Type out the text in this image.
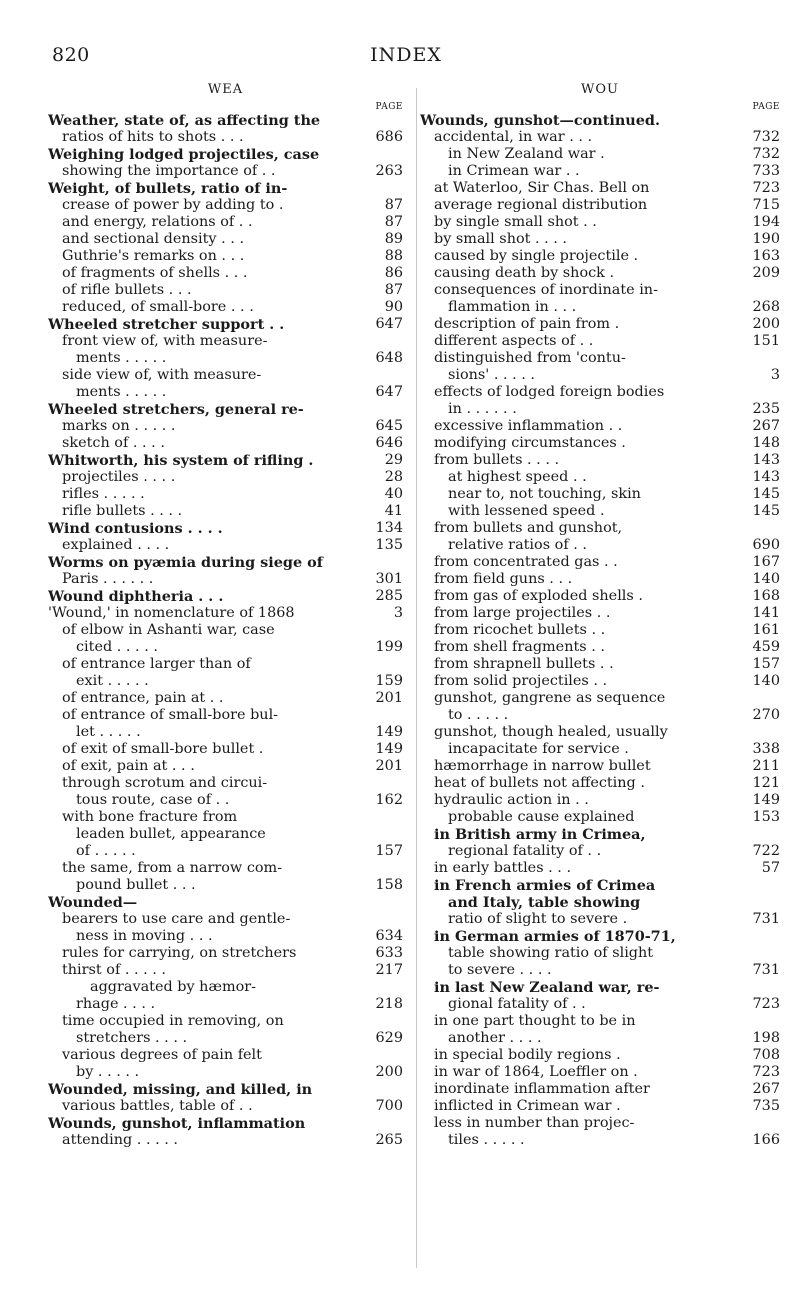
820	INDEX
WEA
PAGE
Weather, state of, as affecting the
ratios of hits to shots . . .	686
Weighing lodged projectiles, case
showing the importance of . .	263
Weight, of bullets, ratio of in-
crease of power by adding to .	87
and energy, relations of . .	87
and sectional density . . .	89
Guthrie's remarks on . . .	88
of fragments of shells . . .	86
of rifle bullets . . .	87
reduced, of small-bore . . .	90
Wheeled stretcher support . .	647
front view of, with measure-
ments . . . . .	648
side view of, with measure-
ments . . . . .	647
Wheeled stretchers, general re-
marks on . . . . .	645
sketch of . . . .	646
Whitworth, his system of rifling .	29
projectiles . . . .	28
rifles . . . . .	40
rifle bullets . . . .	41
Wind contusions . . . .	134
explained . . . .	135
Worms on pyæmia during siege of
Paris . . . . . .	301
Wound diphtheria . . .	285
'Wound,' in nomenclature of 1868	3
of elbow in Ashanti war, case
cited . . . . .	199
of entrance larger than of
exit . . . . .	159
of entrance, pain at . .	201
of entrance of small-bore bul-
let . . . . .	149
of exit of small-bore bullet .	149
of exit, pain at . . .	201
through scrotum and circui-
tous route, case of . .	162
with bone fracture from
leaden bullet, appearance
of . . . . .	157
the same, from a narrow com-
pound bullet . . .	158
Wounded—
bearers to use care and gentle-
ness in moving . . .	634
rules for carrying, on stretchers	633
thirst of . . . . .	217
aggravated by hæmor-
rhage . . . .	218
time occupied in removing, on
stretchers . . . .	629
various degrees of pain felt
by . . . . .	200
Wounded, missing, and killed, in
various battles, table of . .	700
Wounds, gunshot, inflammation
attending . . . . .	265
WOU
PAGE
Wounds, gunshot—continued.
accidental, in war . . .	732
in New Zealand war .	732
in Crimean war . .	733
at Waterloo, Sir Chas. Bell on	723
average regional distribution	715
by single small shot . .	194
by small shot . . . .	190
caused by single projectile .	163
causing death by shock .	209
consequences of inordinate in-
flammation in . . .	268
description of pain from .	200
different aspects of . .	151
distinguished from 'contu-
sions' . . . . .	3
effects of lodged foreign bodies
in . . . . . .	235
excessive inflammation . .	267
modifying circumstances .	148
from bullets . . . .	143
at highest speed . .	143
near to, not touching, skin	145
with lessened speed .	145
from bullets and gunshot,
relative ratios of . .	690
from concentrated gas . .	167
from field guns . . .	140
from gas of exploded shells .	168
from large projectiles . .	141
from ricochet bullets . .	161
from shell fragments . .	459
from shrapnell bullets . .	157
from solid projectiles . .	140
gunshot, gangrene as sequence
to . . . . .	270
gunshot, though healed, usually
incapacitate for service .	338
hæmorrhage in narrow bullet	211
heat of bullets not affecting .	121
hydraulic action in . .	149
probable cause explained	153
in British army in Crimea,
regional fatality of . .	722
in early battles . . .	57
in French armies of Crimea
and Italy, table showing
ratio of slight to severe .	731
in German armies of 1870-71,
table showing ratio of slight
to severe . . . .	731
in last New Zealand war, re-
gional fatality of . .	723
in one part thought to be in
another . . . .	198
in special bodily regions .	708
in war of 1864, Loeffler on .	723
inordinate inflammation after	267
inflicted in Crimean war .	735
less in number than projec-
tiles . . . . .	166
